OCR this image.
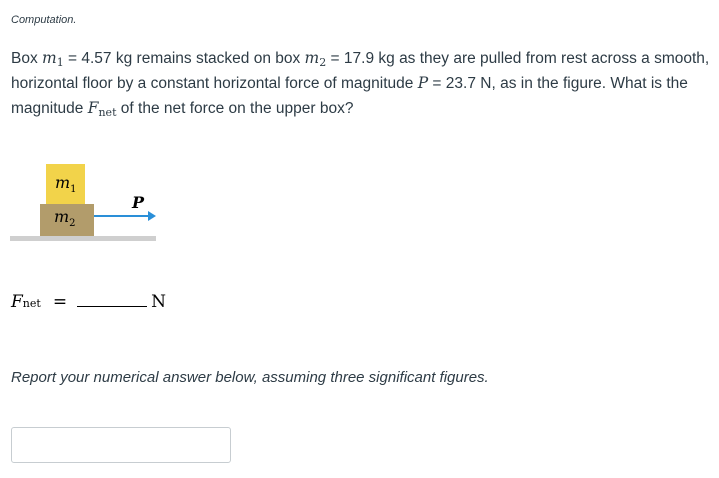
Computation.
Box m1 = 4.57 kg remains stacked on box m2 = 17.9 kg as they are pulled from rest across a smooth, horizontal floor by a constant horizontal force of magnitude P = 23.7 N, as in the figure. What is the magnitude Fnet of the net force on the upper box?
$m_1$
$m_2$
P
F net =	N
Report your numerical answer below, assuming three significant figures.
